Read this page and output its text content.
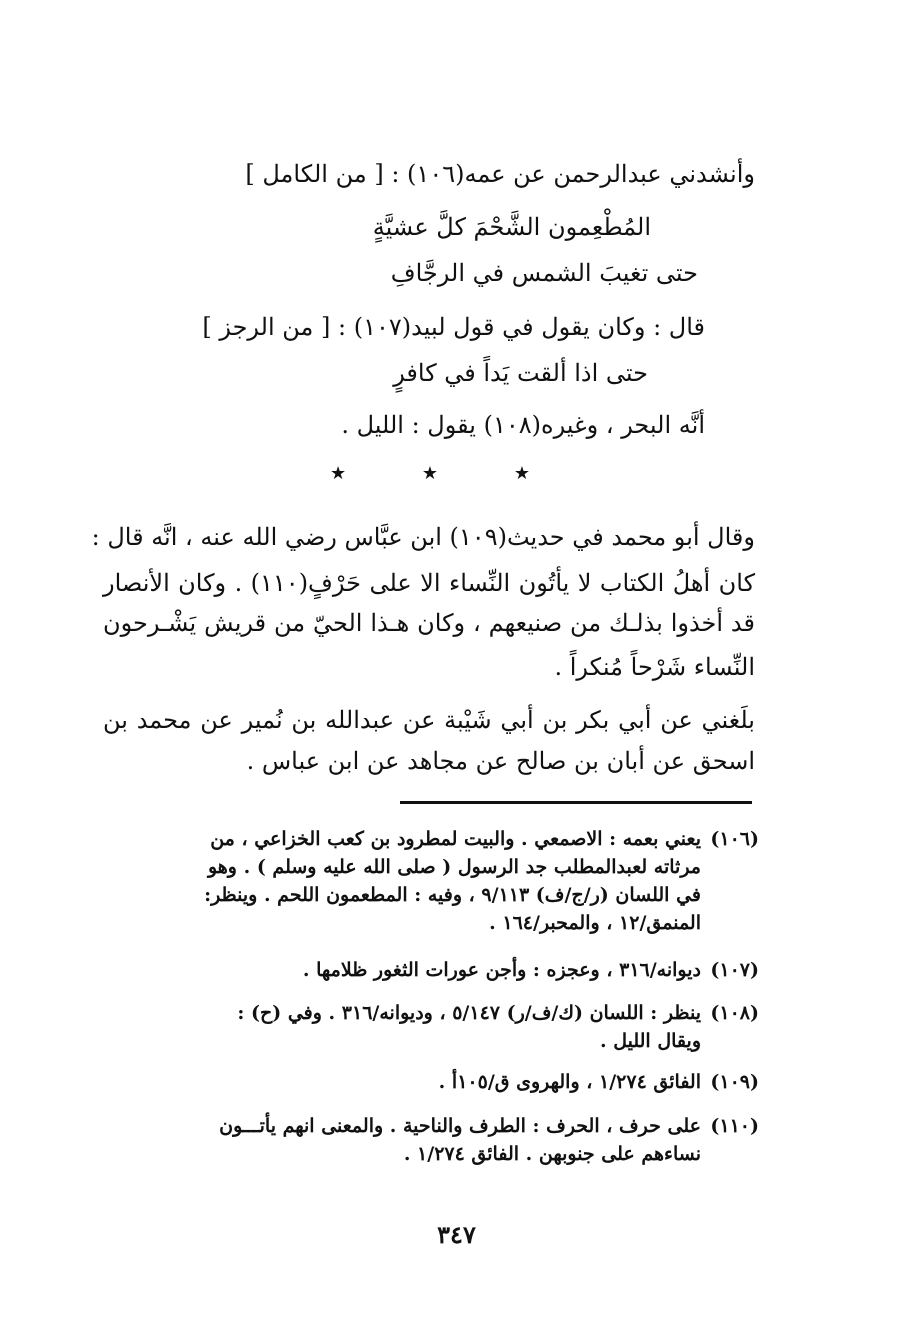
وأنشدني عبدالرحمن عن عمه(١٠٦) : [ من الكامل ]
المُطْعِمون الشَّحْمَ كلَّ عشيَّةٍ
حتى تغيبَ الشمس في الرجَّافِ
قال : وكان يقول في قول لبيد(١٠٧) : [ من الرجز ]
حتى اذا ألقت يَداً في كافرٍ
أنَّه البحر ، وغيره(١٠٨) يقول : الليل .
★	★	★
وقال أبو محمد في حديث(١٠٩) ابن عبَّاس رضي الله عنه ، انَّه قال :
كان أهلُ الكتاب لا يأتُون النِّساء الا على حَرْفٍ(١١٠) . وكان الأنصار
قد أخذوا بذلـك من صنيعهم ، وكان هـذا الحيّ من قريش يَشْـرحون
النِّساء شَرْحاً مُنكراً .
بلَغني عن أبي بكر بن أبي شَيْبة عن عبدالله بن نُمير عن محمد بن
اسحق عن أبان بن صالح عن مجاهد عن ابن عباس .
(١٠٦)
يعني بعمه : الاصمعي . والبيت لمطرود بن كعب الخزاعي ، من
مرثاته لعبدالمطلب جد الرسول ( صلى الله عليه وسلم ) . وهو
في اللسان (ر/ج/ف) ٩/١١٣ ، وفيه : المطعمون اللحم . وينظر:
المنمق/١٢ ، والمحبر/١٦٤ .
(١٠٧)
ديوانه/٣١٦ ، وعجزه : وأجن عورات الثغور ظلامها .
(١٠٨)
ينظر : اللسان (ك/ف/ر) ٥/١٤٧ ، وديوانه/٣١٦ . وفي (ح) :
ويقال الليل .
(١٠٩)
الفائق ١/٢٧٤ ، والهروى ق/١٠٥أ .
(١١٠)
على حرف ، الحرف : الطرف والناحية . والمعنى انهم يأتـــون
نساءهم على جنوبهن . الفائق ١/٢٧٤ .
٣٤٧
